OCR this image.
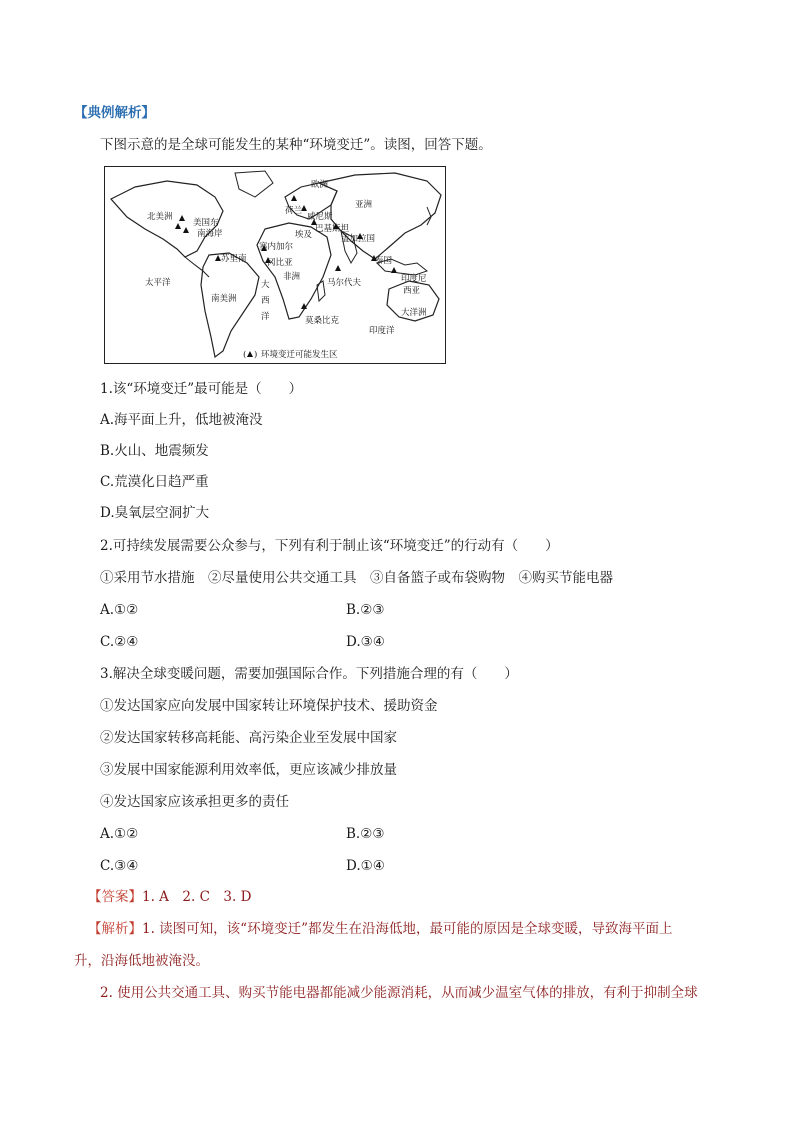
【典例解析】
下图示意的是全球可能发生的某种“环境变迁”。读图，回答下题。
北美洲
美国东
南海岸
欧洲
荷兰
威尼斯
埃及
巴基斯坦
亚洲
孟加拉国
塞内加尔
冈比亚
苏里南
非洲
泰国
太平洋	大
西
洋
马尔代夫	印度尼
西亚
南美洲
莫桑比克
大洋洲
印度洋
( ) 环境变迁可能发生区
1.该“环境变迁”最可能是（　　）
A.海平面上升，低地被淹没
B.火山、地震频发
C.荒漠化日趋严重
D.臭氧层空洞扩大
2.可持续发展需要公众参与，下列有利于制止该“环境变迁”的行动有（　　）
①采用节水措施　②尽量使用公共交通工具　③自备篮子或布袋购物　④购买节能电器
A.①②	B.②③
C.②④	D.③④
3.解决全球变暖问题，需要加强国际合作。下列措施合理的有（　　）
①发达国家应向发展中国家转让环境保护技术、援助资金
②发达国家转移高耗能、高污染企业至发展中国家
③发展中国家能源利用效率低，更应该减少排放量
④发达国家应该承担更多的责任
A.①②	B.②③
C.③④	D.①④
【答案】1. A　2. C　3. D
【解析】1. 读图可知，该“环境变迁”都发生在沿海低地，最可能的原因是全球变暖，导致海平面上
升，沿海低地被淹没。
2. 使用公共交通工具、购买节能电器都能减少能源消耗，从而减少温室气体的排放，有利于抑制全球
